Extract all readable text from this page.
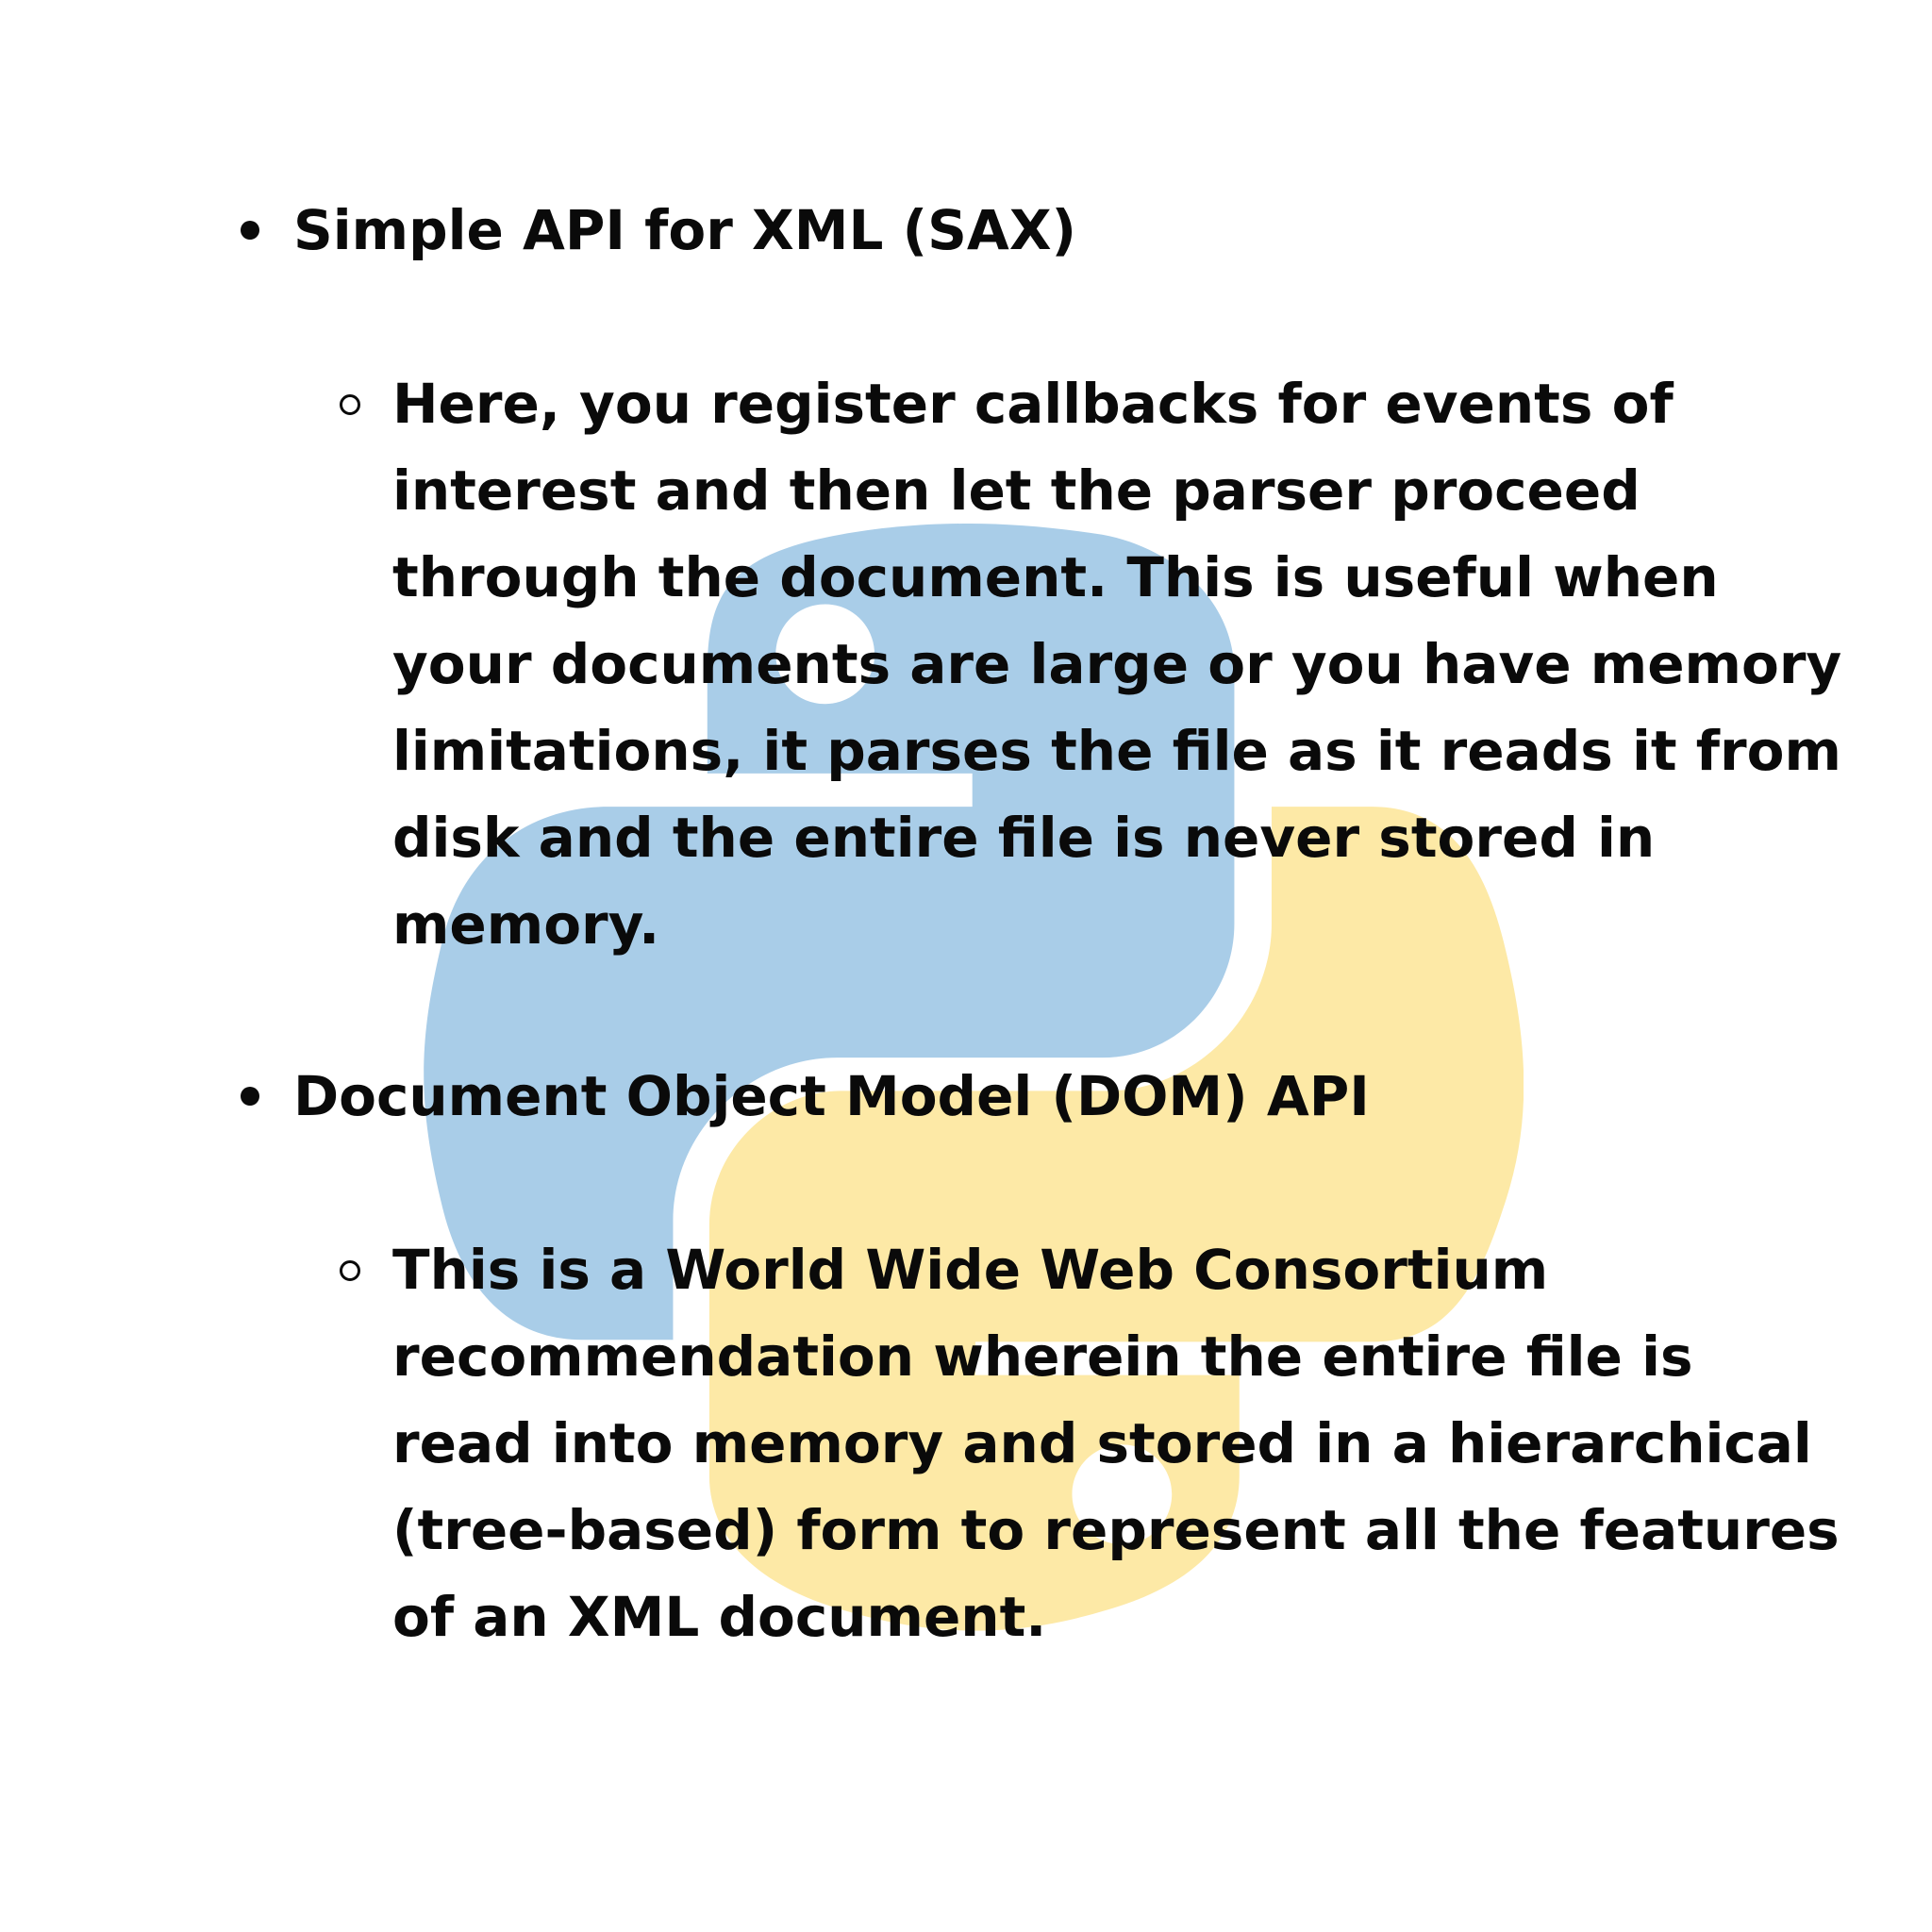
Simple API for XML (SAX)
Here, you register callbacks for events of
interest and then let the parser proceed
through the document. This is useful when
your documents are large or you have memory
limitations, it parses the file as it reads it from
disk and the entire file is never stored in
memory.
Document Object Model (DOM) API
This is a World Wide Web Consortium
recommendation wherein the entire file is
read into memory and stored in a hierarchical
(tree-based) form to represent all the features
of an XML document.
